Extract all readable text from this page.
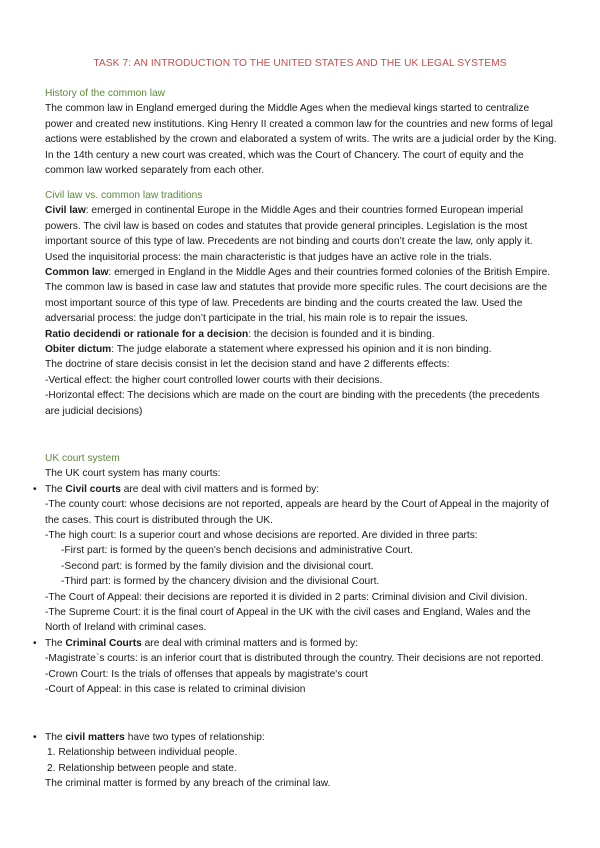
TASK 7: AN INTRODUCTION TO THE UNITED STATES AND THE UK LEGAL SYSTEMS

History of the common law

The common law in England emerged during the Middle Ages when the medieval kings started to centralize power and created new institutions. King Henry II created a common law for the countries and new forms of legal actions were established by the crown and elaborated a system of writs. The writs are a judicial order by the King. In the 14th century a new court was created, which was the Court of Chancery. The court of equity and the common law worked separately from each other.

Civil law vs. common law traditions

Civil law: emerged in continental Europe in the Middle Ages and their countries formed European imperial powers. The civil law is based on codes and statutes that provide general principles. Legislation is the most important source of this type of law. Precedents are not binding and courts don’t create the law, only apply it. Used the inquisitorial process: the main characteristic is that judges have an active role in the trials.

Common law: emerged in England in the Middle Ages and their countries formed colonies of the British Empire. The common law is based in case law and statutes that provide more specific rules. The court decisions are the most important source of this type of law. Precedents are binding and the courts created the law. Used the adversarial process: the judge don’t participate in the trial, his main role is to repair the issues.

Ratio decidendi or rationale for a decision: the decision is founded and it is binding.

Obiter dictum: The judge elaborate a statement where expressed his opinion and it is non binding.

The doctrine of stare decisis consist in let the decision stand and have 2 differents effects:

-Vertical effect: the higher court controlled lower courts with their decisions.

-Horizontal effect: The decisions which are made on the court are binding with the precedents (the precedents are judicial decisions)

UK court system

The UK court system has many courts:

• The Civil courts are deal with civil matters and is formed by:

-The county court: whose decisions are not reported, appeals are heard by the Court of Appeal in the majority of the cases. This court is distributed through the UK.

-The high court: Is a superior court and whose decisions are reported. Are divided in three parts:

-First part: is formed by the queen's bench decisions and administrative Court.

-Second part: is formed by the family division and the divisional court.

-Third part: is formed by the chancery division and the divisional Court.

-The Court of Appeal: their decisions are reported it is divided in 2 parts: Criminal division and Civil division.

-The Supreme Court: it is the final court of Appeal in the UK with the civil cases and England, Wales and the North of Ireland with criminal cases.

• The Criminal Courts are deal with criminal matters and is formed by:

-Magistrate`s courts: is an inferior court that is distributed through the country. Their decisions are not reported.

-Crown Court: Is the trials of offenses that appeals by magistrate's court

-Court of Appeal: in this case is related to criminal division

• The civil matters have two types of relationship:

1. Relationship between individual people.

2. Relationship between people and state.

The criminal matter is formed by any breach of the criminal law.
